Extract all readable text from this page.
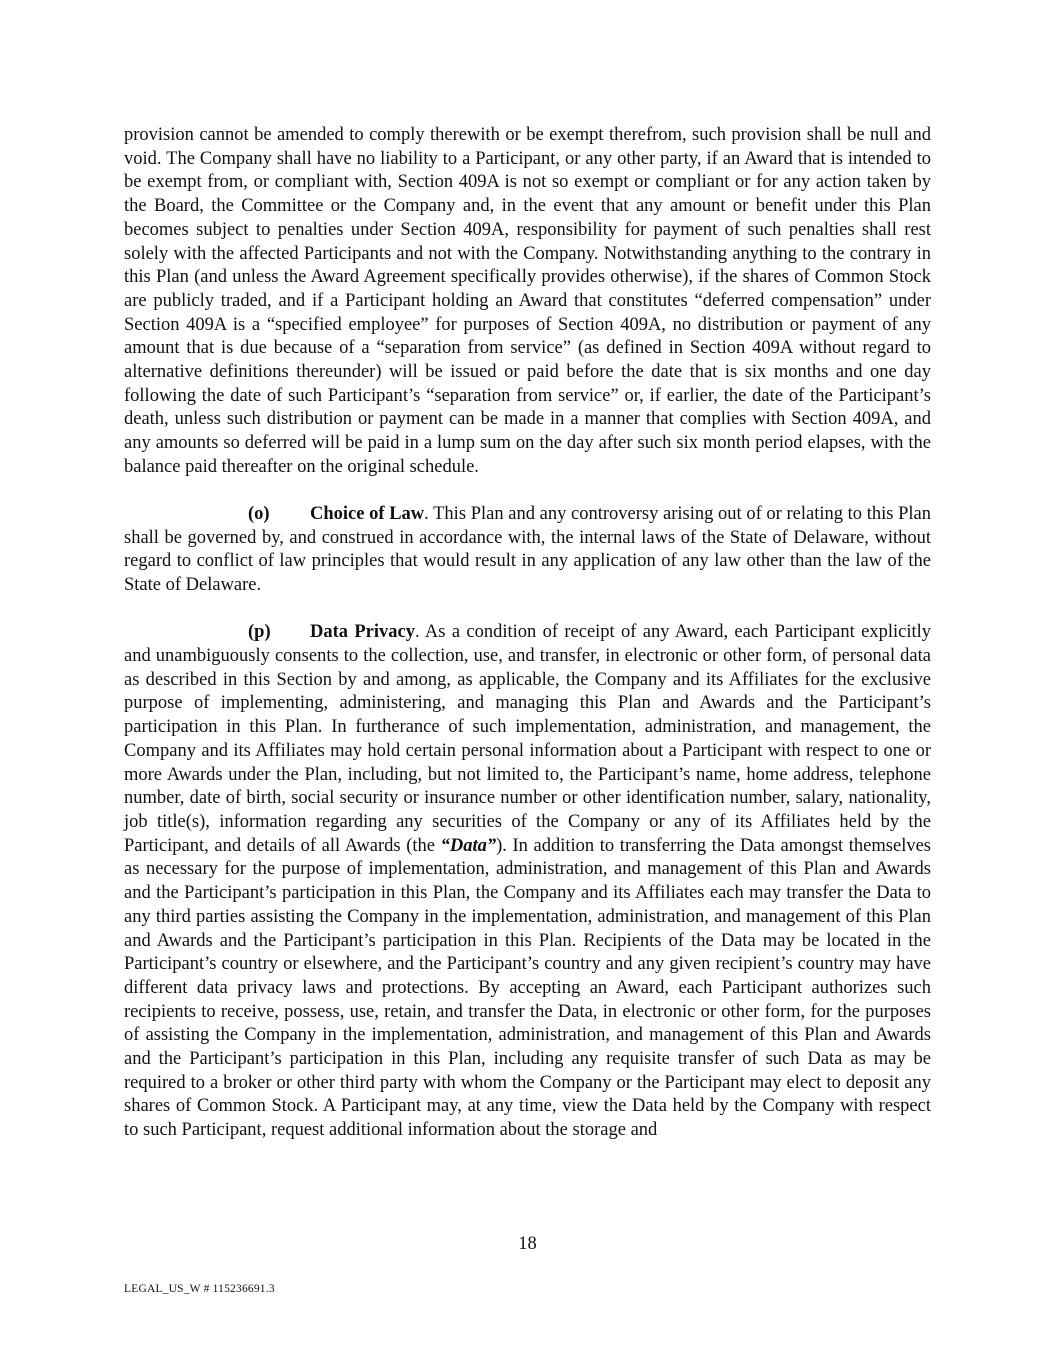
provision cannot be amended to comply therewith or be exempt therefrom, such provision shall be null and void. The Company shall have no liability to a Participant, or any other party, if an Award that is intended to be exempt from, or compliant with, Section 409A is not so exempt or compliant or for any action taken by the Board, the Committee or the Company and, in the event that any amount or benefit under this Plan becomes subject to penalties under Section 409A, responsibility for payment of such penalties shall rest solely with the affected Participants and not with the Company. Notwithstanding anything to the contrary in this Plan (and unless the Award Agreement specifically provides otherwise), if the shares of Common Stock are publicly traded, and if a Participant holding an Award that constitutes “deferred compensation” under Section 409A is a “specified employee” for purposes of Section 409A, no distribution or payment of any amount that is due because of a “separation from service” (as defined in Section 409A without regard to alternative definitions thereunder) will be issued or paid before the date that is six months and one day following the date of such Participant’s “separation from service” or, if earlier, the date of the Participant’s death, unless such distribution or payment can be made in a manner that complies with Section 409A, and any amounts so deferred will be paid in a lump sum on the day after such six month period elapses, with the balance paid thereafter on the original schedule.

(o) Choice of Law. This Plan and any controversy arising out of or relating to this Plan shall be governed by, and construed in accordance with, the internal laws of the State of Delaware, without regard to conflict of law principles that would result in any application of any law other than the law of the State of Delaware.

(p) Data Privacy. As a condition of receipt of any Award, each Participant explicitly and unambiguously consents to the collection, use, and transfer, in electronic or other form, of personal data as described in this Section by and among, as applicable, the Company and its Affiliates for the exclusive purpose of implementing, administering, and managing this Plan and Awards and the Participant’s participation in this Plan. In furtherance of such implementation, administration, and management, the Company and its Affiliates may hold certain personal information about a Participant with respect to one or more Awards under the Plan, including, but not limited to, the Participant’s name, home address, telephone number, date of birth, social security or insurance number or other identification number, salary, nationality, job title(s), information regarding any securities of the Company or any of its Affiliates held by the Participant, and details of all Awards (the “Data”). In addition to transferring the Data amongst themselves as necessary for the purpose of implementation, administration, and management of this Plan and Awards and the Participant’s participation in this Plan, the Company and its Affiliates each may transfer the Data to any third parties assisting the Company in the implementation, administration, and management of this Plan and Awards and the Participant’s participation in this Plan. Recipients of the Data may be located in the Participant’s country or elsewhere, and the Participant’s country and any given recipient’s country may have different data privacy laws and protections. By accepting an Award, each Participant authorizes such recipients to receive, possess, use, retain, and transfer the Data, in electronic or other form, for the purposes of assisting the Company in the implementation, administration, and management of this Plan and Awards and the Participant’s participation in this Plan, including any requisite transfer of such Data as may be required to a broker or other third party with whom the Company or the Participant may elect to deposit any shares of Common Stock. A Participant may, at any time, view the Data held by the Company with respect to such Participant, request additional information about the storage and

18
LEGAL_US_W # 115236691.3
